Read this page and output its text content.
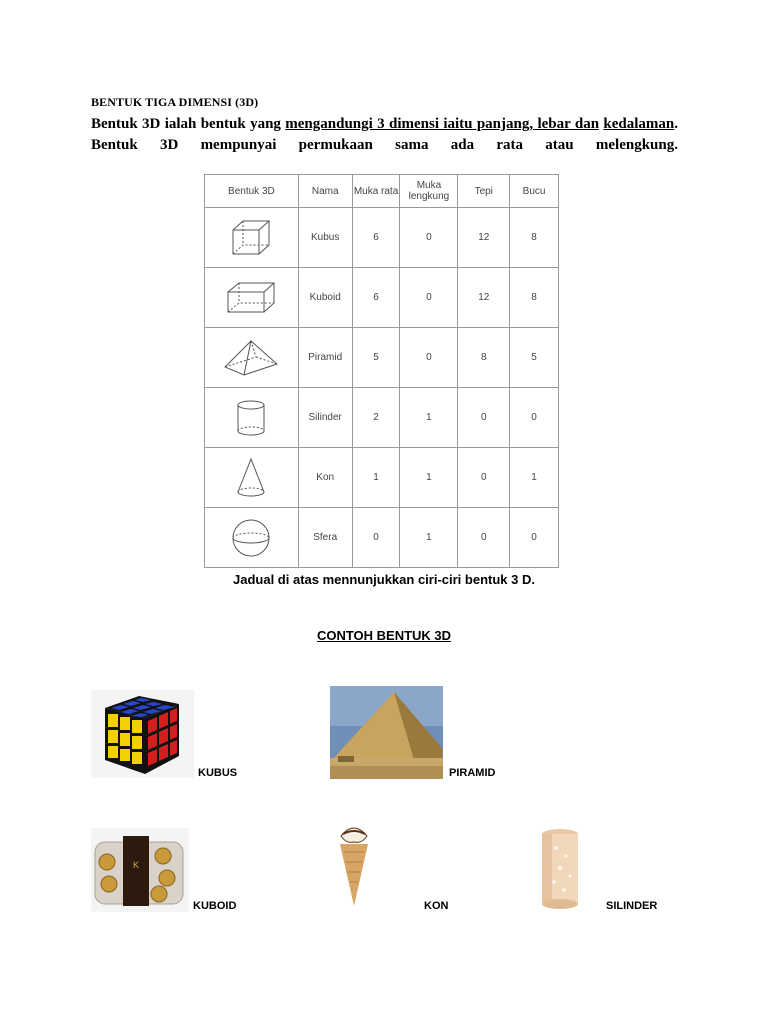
BENTUK TIGA DIMENSI (3D)
Bentuk 3D ialah bentuk yang mengandungi 3 dimensi iaitu panjang, lebar dan kedalaman. Bentuk 3D mempunyai permukaan sama ada rata atau melengkung.
Bentuk 3D	Nama	Muka rata	Muka lengkung	Tepi	Bucu

	Kubus	6	0	12	8

	Kuboid	6	0	12	8

	Piramid	5	0	8	5

	Silinder	2	1	0	0

	Kon	1	1	0	1

	Sfera	0	1	0	0
Jadual di atas mennunjukkan ciri-ciri bentuk 3 D.
CONTOH BENTUK 3D
KUBUS	PIRAMID
K
KUBOID	KON	SILINDER
